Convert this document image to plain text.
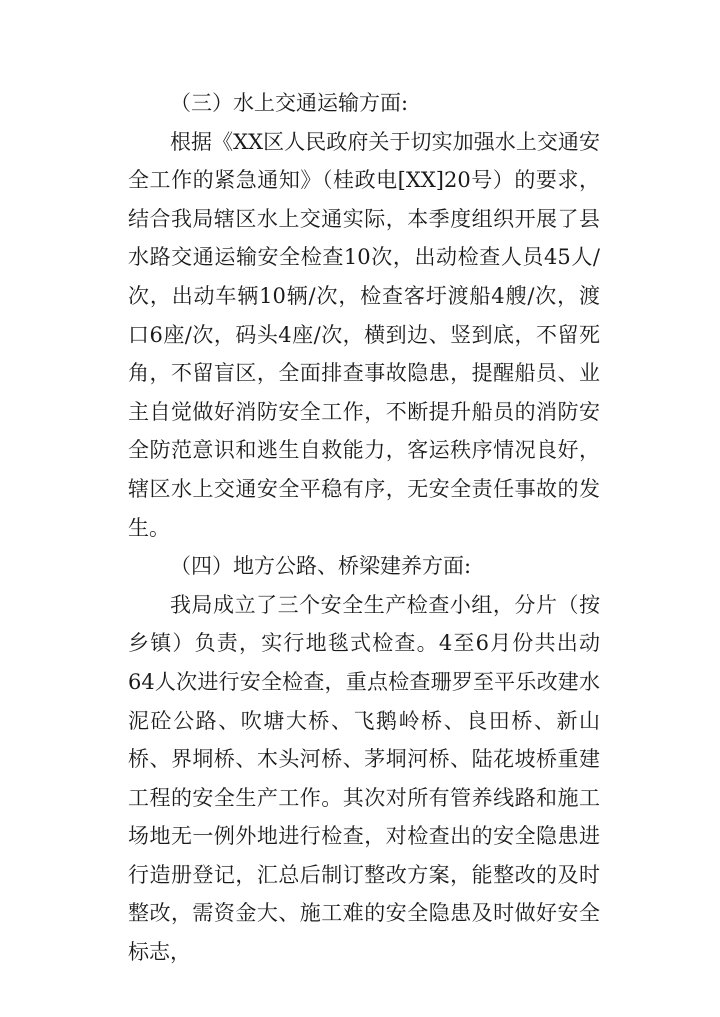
（三）水上交通运输方面:

根据《XX区人民政府关于切实加强水上交通安全工作的紧急通知》（桂政电[XX]20号）的要求，结合我局辖区水上交通实际，本季度组织开展了县水路交通运输安全检查10次，出动检查人员45人/次，出动车辆10辆/次，检查客圩渡船4艘/次，渡口6座/次，码头4座/次，横到边、竖到底，不留死角，不留盲区，全面排查事故隐患，提醒船员、业主自觉做好消防安全工作，不断提升船员的消防安全防范意识和逃生自救能力，客运秩序情况良好，辖区水上交通安全平稳有序，无安全责任事故的发生。

（四）地方公路、桥梁建养方面:

我局成立了三个安全生产检查小组，分片（按乡镇）负责，实行地毯式检查。4至6月份共出动64人次进行安全检查，重点检查珊罗至平乐改建水泥砼公路、吹塘大桥、飞鹅岭桥、良田桥、新山桥、界垌桥、木头河桥、茅垌河桥、陆花坡桥重建工程的安全生产工作。其次对所有管养线路和施工场地无一例外地进行检查，对检查出的安全隐患进行造册登记，汇总后制订整改方案，能整改的及时整改，需资金大、施工难的安全隐患及时做好安全标志，
